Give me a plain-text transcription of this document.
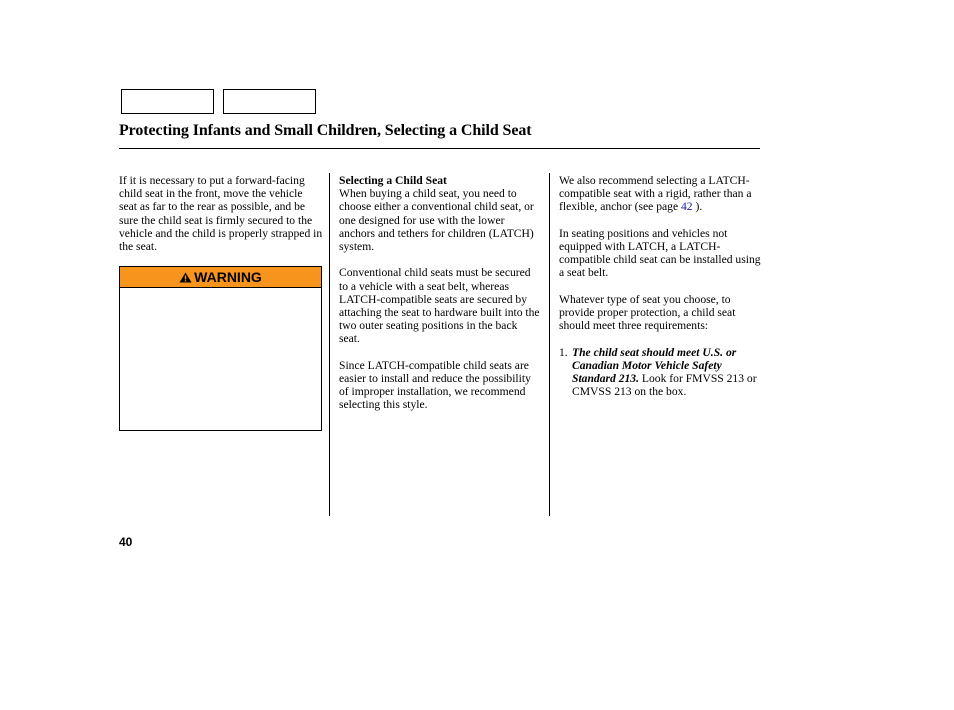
Protecting Infants and Small Children, Selecting a Child Seat

If it is necessary to put a forward-facing child seat in the front, move the vehicle seat as far to the rear as possible, and be sure the child seat is firmly secured to the vehicle and the child is properly strapped in the seat.

WARNING
Selecting a Child Seat

When buying a child seat, you need to choose either a conventional child seat, or one designed for use with the lower anchors and tethers for children (LATCH) system.

Conventional child seats must be secured to a vehicle with a seat belt, whereas LATCH-compatible seats are secured by attaching the seat to hardware built into the two outer seating positions in the back seat.

Since LATCH-compatible child seats are easier to install and reduce the possibility of improper installation, we recommend selecting this style.

We also recommend selecting a LATCH-compatible seat with a rigid, rather than a flexible, anchor (see page 42 ).

In seating positions and vehicles not equipped with LATCH, a LATCH-compatible child seat can be installed using a seat belt.

Whatever type of seat you choose, to provide proper protection, a child seat should meet three requirements:

1. The child seat should meet U.S. or Canadian Motor Vehicle Safety Standard 213. Look for FMVSS 213 or CMVSS 213 on the box.
40
